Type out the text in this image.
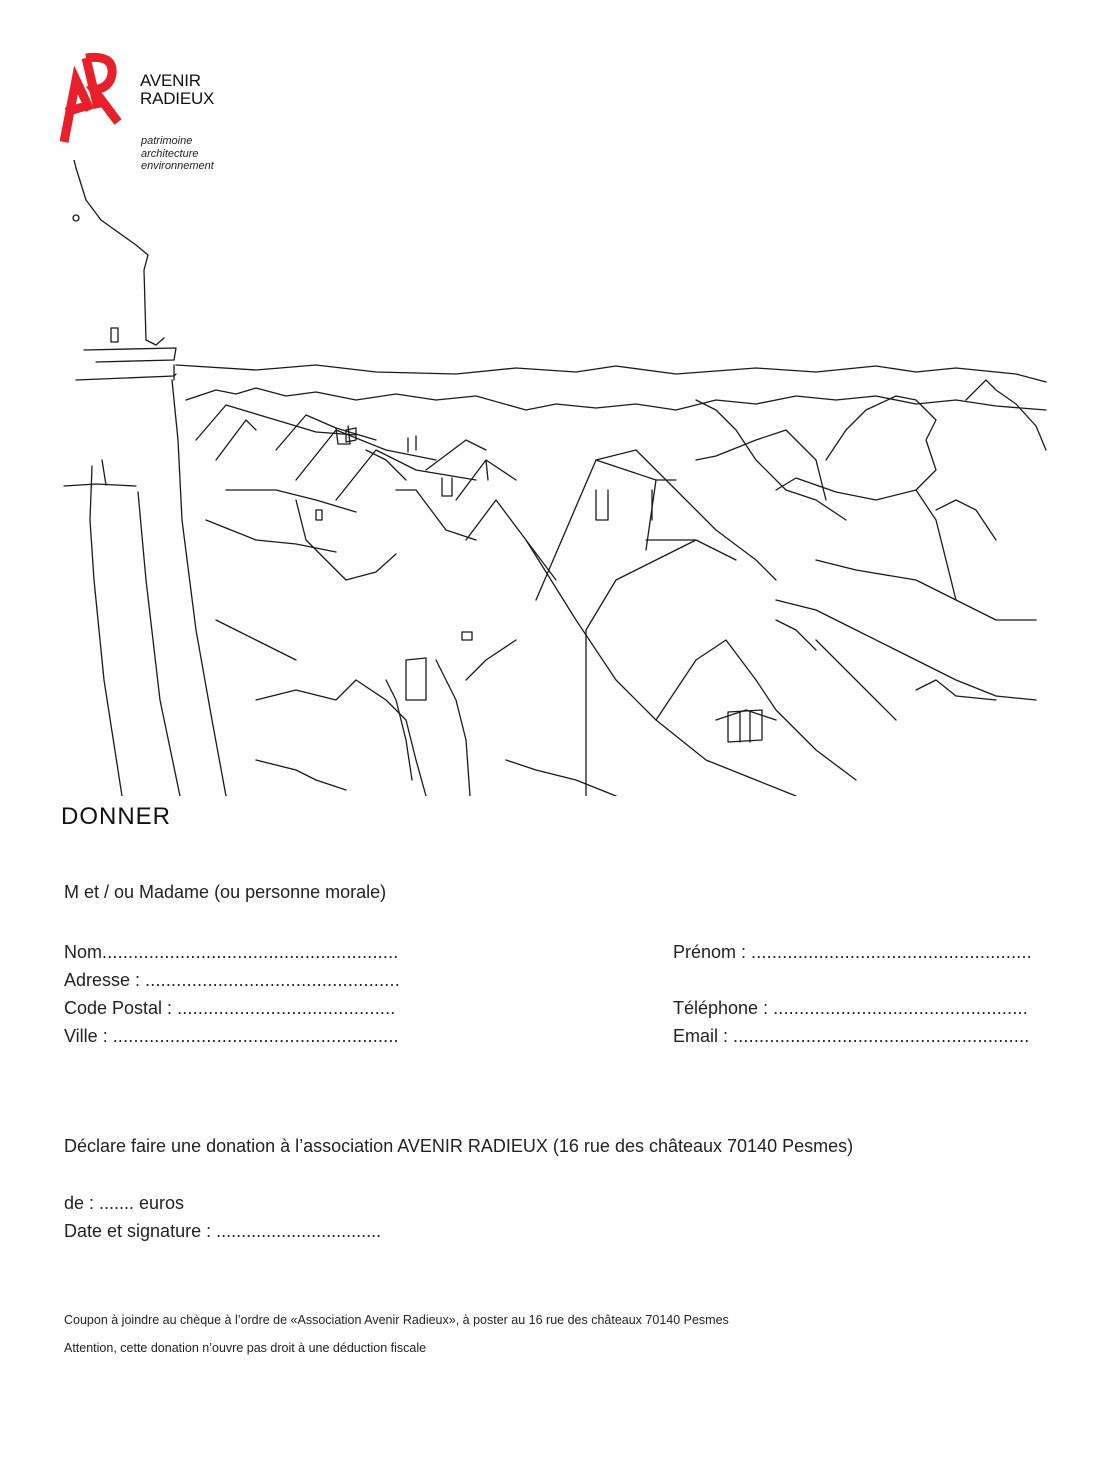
AVENIR
RADIEUX
patrimoine
architecture
environnement
DONNER
M et / ou Madame (ou personne morale)
Nom.........................................................
Adresse : .................................................
Code Postal : ..........................................
Ville : .......................................................
Prénom : ......................................................
Téléphone : .................................................
Email : .........................................................
Déclare faire une donation à l’association AVENIR RADIEUX (16 rue des châteaux 70140 Pesmes)
de : ....... euros
Date et signature : .................................
Coupon à joindre au chèque à l’ordre de «Association Avenir Radieux», à poster au 16 rue des châteaux 70140 Pesmes
Attention, cette donation n’ouvre pas droit à une déduction fiscale
